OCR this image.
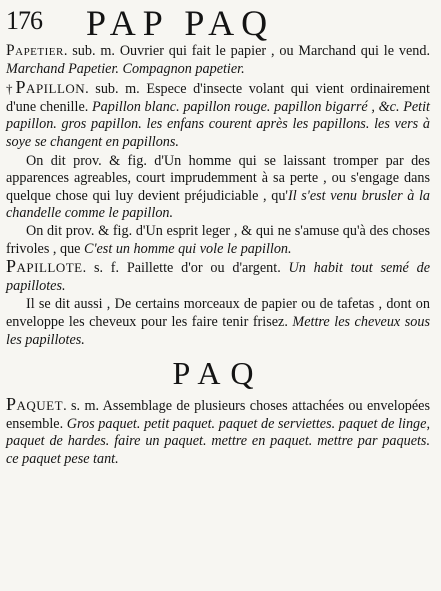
176 PAP PAQ

Papetier. sub. m. Ouvrier qui fait le papier , ou Marchand qui le vend. Marchand Papetier. Compagnon papetier.

†Papillon. sub. m. Espece d'insecte volant qui vient ordinairement d'une chenille. Papillon blanc. papillon rouge. papillon bigarré , &c. Petit papillon. gros papillon. les enfans courent après les papillons. les vers à soye se changent en papillons.

On dit prov. & fig. d'Un homme qui se laissant tromper par des apparences agreables, court imprudemment à sa perte , ou s'engage dans quelque chose qui luy devient préjudiciable , qu'Il s'est venu brusler à la chandelle comme le papillon.

On dit prov. & fig. d'Un esprit leger , & qui ne s'amuse qu'à des choses frivoles , que C'est un homme qui vole le papillon.

Papillote. s. f. Paillette d'or ou d'argent. Un habit tout semé de papillotes.

Il se dit aussi , De certains morceaux de papier ou de tafetas , dont on enveloppe les cheveux pour les faire tenir frisez. Mettre les cheveux sous les papillotes.

PAQ

Paquet. s. m. Assemblage de plusieurs choses attachées ou envelopées ensemble. Gros paquet. petit paquet. paquet de serviettes. paquet de linge, paquet de hardes. faire un paquet. mettre en paquet. mettre par paquets. ce paquet pese tant.
